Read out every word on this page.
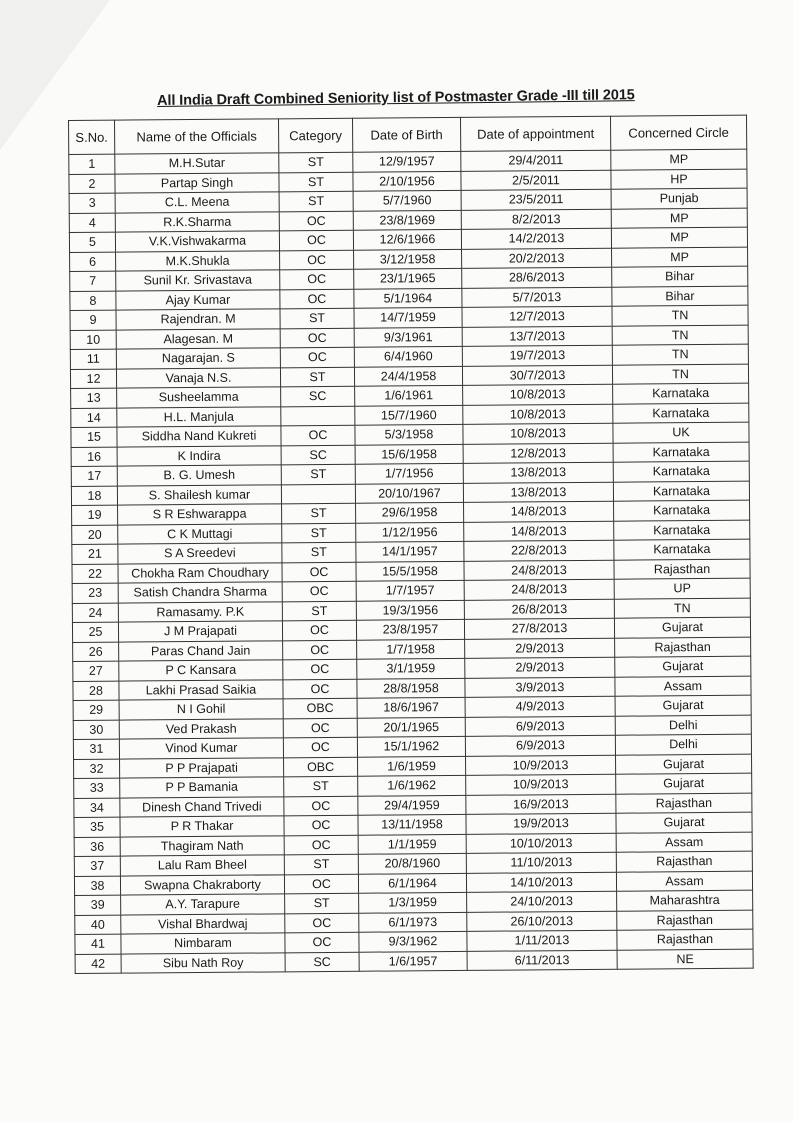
All India Draft Combined Seniority list of Postmaster Grade -III till 2015
S.No.	Name of the Officials	Category	Date of Birth	Date of appointment	Concerned Circle
1	M.H.Sutar	ST	12/9/1957	29/4/2011	MP
2	Partap Singh	ST	2/10/1956	2/5/2011	HP
3	C.L. Meena	ST	5/7/1960	23/5/2011	Punjab
4	R.K.Sharma	OC	23/8/1969	8/2/2013	MP
5	V.K.Vishwakarma	OC	12/6/1966	14/2/2013	MP
6	M.K.Shukla	OC	3/12/1958	20/2/2013	MP
7	Sunil Kr. Srivastava	OC	23/1/1965	28/6/2013	Bihar
8	Ajay Kumar	OC	5/1/1964	5/7/2013	Bihar
9	Rajendran. M	ST	14/7/1959	12/7/2013	TN
10	Alagesan. M	OC	9/3/1961	13/7/2013	TN
11	Nagarajan. S	OC	6/4/1960	19/7/2013	TN
12	Vanaja N.S.	ST	24/4/1958	30/7/2013	TN
13	Susheelamma	SC	1/6/1961	10/8/2013	Karnataka
14	H.L. Manjula		15/7/1960	10/8/2013	Karnataka
15	Siddha Nand Kukreti	OC	5/3/1958	10/8/2013	UK
16	K Indira	SC	15/6/1958	12/8/2013	Karnataka
17	B. G. Umesh	ST	1/7/1956	13/8/2013	Karnataka
18	S. Shailesh kumar		20/10/1967	13/8/2013	Karnataka
19	S R Eshwarappa	ST	29/6/1958	14/8/2013	Karnataka
20	C K Muttagi	ST	1/12/1956	14/8/2013	Karnataka
21	S A Sreedevi	ST	14/1/1957	22/8/2013	Karnataka
22	Chokha Ram Choudhary	OC	15/5/1958	24/8/2013	Rajasthan
23	Satish Chandra Sharma	OC	1/7/1957	24/8/2013	UP
24	Ramasamy. P.K	ST	19/3/1956	26/8/2013	TN
25	J M Prajapati	OC	23/8/1957	27/8/2013	Gujarat
26	Paras Chand Jain	OC	1/7/1958	2/9/2013	Rajasthan
27	P C Kansara	OC	3/1/1959	2/9/2013	Gujarat
28	Lakhi Prasad Saikia	OC	28/8/1958	3/9/2013	Assam
29	N I Gohil	OBC	18/6/1967	4/9/2013	Gujarat
30	Ved Prakash	OC	20/1/1965	6/9/2013	Delhi
31	Vinod Kumar	OC	15/1/1962	6/9/2013	Delhi
32	P P Prajapati	OBC	1/6/1959	10/9/2013	Gujarat
33	P P Bamania	ST	1/6/1962	10/9/2013	Gujarat
34	Dinesh Chand Trivedi	OC	29/4/1959	16/9/2013	Rajasthan
35	P R Thakar	OC	13/11/1958	19/9/2013	Gujarat
36	Thagiram Nath	OC	1/1/1959	10/10/2013	Assam
37	Lalu Ram Bheel	ST	20/8/1960	11/10/2013	Rajasthan
38	Swapna Chakraborty	OC	6/1/1964	14/10/2013	Assam
39	A.Y. Tarapure	ST	1/3/1959	24/10/2013	Maharashtra
40	Vishal Bhardwaj	OC	6/1/1973	26/10/2013	Rajasthan
41	Nimbaram	OC	9/3/1962	1/11/2013	Rajasthan
42	Sibu Nath Roy	SC	1/6/1957	6/11/2013	NE
